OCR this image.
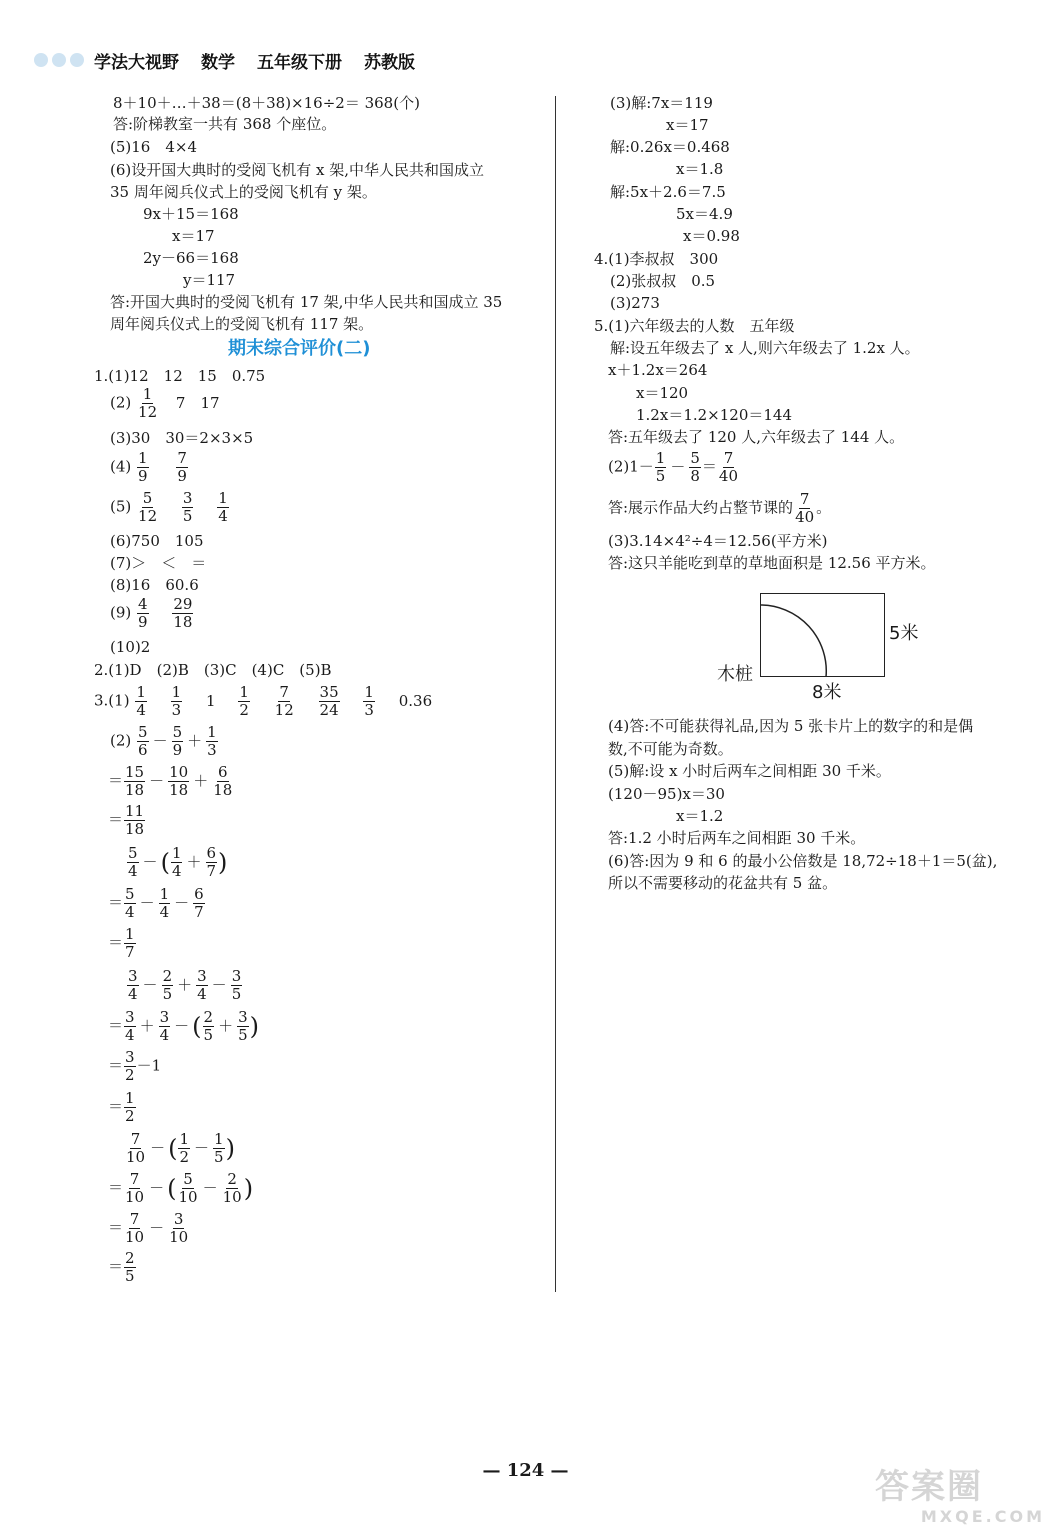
学法大视野 数学 五年级下册 苏教版
8＋10＋…＋38＝(8＋38)×16÷2＝ 368(个)
答:阶梯教室一共有 368 个座位。
(5)16　4×4
(6)设开国大典时的受阅飞机有 x 架,中华人民共和国成立
35 周年阅兵仪式上的受阅飞机有 y 架。
9x＋15＝168
x＝17
2y－66＝168
y＝117
答:开国大典时的受阅飞机有 17 架,中华人民共和国成立 35
周年阅兵仪式上的受阅飞机有 117 架。
期末综合评价(二)
1.(1)12　12　15　0.75
$(2) \frac{1}{12} 7$　17
(3)30　30＝2×3×5
$(4) \frac{1}{9}$
$\frac{7}{9}$
$(5) \frac{5}{12}$
$\frac{3}{5}$
$\frac{1}{4}$
(6)750　105
(7)＞　＜　＝
(8)16　60.6
$(9) \frac{4}{9}$
$\frac{29}{18}$
(10)2
2.(1)D　(2)B　(3)C　(4)C　(5)B
$3.(1) \frac{1}{4}$
$\frac{1}{3} 1 \frac{1}{2}$
$\frac{7}{12}$
$\frac{35}{24}$
$\frac{1}{3} 0.36$
$(2) \frac{5}{6} - \frac{5}{9} + \frac{1}{3}$
＝ $\frac{15}{18} - \frac{10}{18} + \frac{6}{18}$
＝ $\frac{11}{18}$
$\frac{5}{4}$ － ( $\frac{1}{4} + \frac{6}{7}$ )
＝ $\frac{5}{4} - \frac{1}{4} - \frac{6}{7}$
＝ $\frac{1}{7}$
$\frac{3}{4} - \frac{2}{5} + \frac{3}{4} - \frac{3}{5}$
＝ $\frac{3}{4} + \frac{3}{4}$ － ( $\frac{2}{5} + \frac{3}{5}$ )
＝ $\frac{3}{2} -1$
＝ $\frac{1}{2}$
$\frac{7}{10}$ － ( $\frac{1}{2} - \frac{1}{5}$ )
＝ $\frac{7}{10}$ － ( $\frac{5}{10} - \frac{2}{10}$ )
＝ $\frac{7}{10} - \frac{3}{10}$
＝ $\frac{2}{5}$
(3)解:7x＝119
x＝17
解:0.26x＝0.468
x＝1.8
解:5x＋2.6＝7.5
5x＝4.9
x＝0.98
4.(1)李叔叔　300
(2)张叔叔　0.5
(3)273
5.(1)六年级去的人数　五年级
解:设五年级去了 x 人,则六年级去了 1.2x 人。
x＋1.2x＝264
x＝120
1.2x＝1.2×120＝144
答:五年级去了 120 人,六年级去了 144 人。
$(2)1- \frac{1}{5} - \frac{5}{8} = \frac{7}{40}$
答:展示作品大约占整节课的 $\frac{7}{40}$ 。
(3)3.14×4²÷4＝12.56(平方米)
答:这只羊能吃到草的草地面积是 12.56 平方米。
5米
8米
木桩
(4)答:不可能获得礼品,因为 5 张卡片上的数字的和是偶
数,不可能为奇数。
(5)解:设 x 小时后两车之间相距 30 千米。
(120－95)x＝30
x＝1.2
答:1.2 小时后两车之间相距 30 千米。
(6)答:因为 9 和 6 的最小公倍数是 18,72÷18＋1＝5(盆),
所以不需要移动的花盆共有 5 盆。
— 124 —	答案圈
MXQE.COM
